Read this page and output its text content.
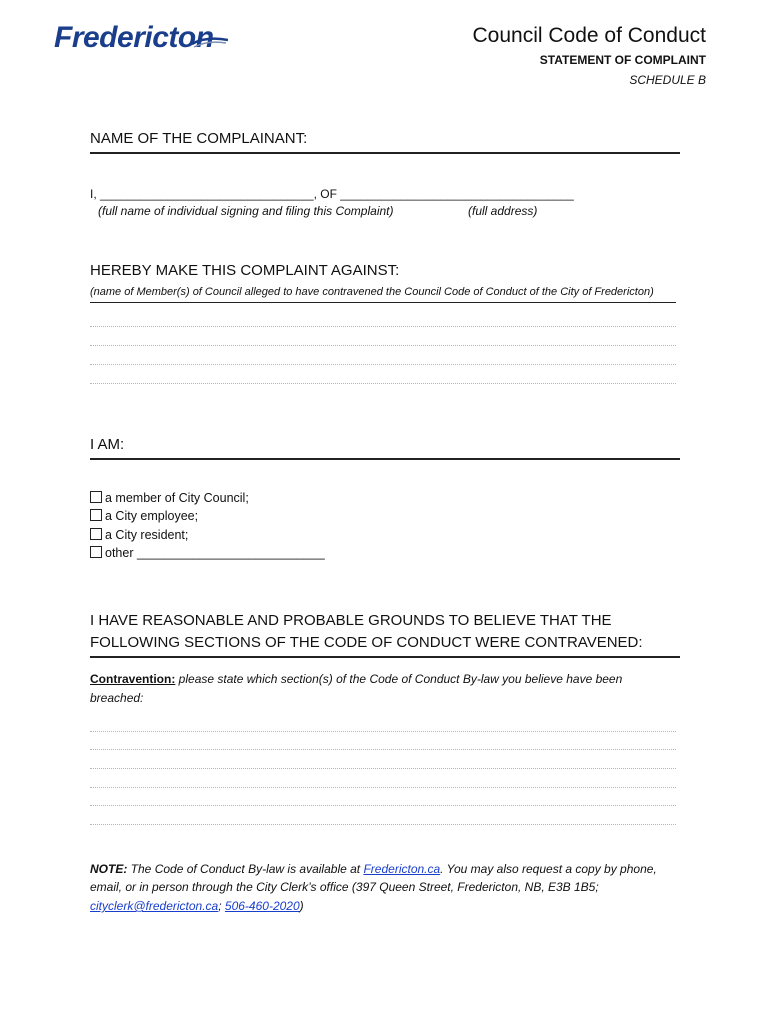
Fredericton	Council Code of Conduct
STATEMENT OF COMPLAINT
SCHEDULE B
NAME OF THE COMPLAINANT:
I, ________________________________, OF ___________________________________
(full name of individual signing and filing this Complaint)	(full address)
HEREBY MAKE THIS COMPLAINT AGAINST:
(name of Member(s) of Council alleged to have contravened the Council Code of Conduct of the City of Fredericton)
I AM:
a member of City Council;
a City employee;
a City resident;
other ___________________________
I HAVE REASONABLE AND PROBABLE GROUNDS TO BELIEVE THAT THE
FOLLOWING SECTIONS OF THE CODE OF CONDUCT WERE CONTRAVENED:
Contravention: please state which section(s) of the Code of Conduct By-law you believe have been
breached:
NOTE: The Code of Conduct By-law is available at Fredericton.ca. You may also request a copy by phone,
email, or in person through the City Clerk’s office (397 Queen Street, Fredericton, NB, E3B 1B5;
cityclerk@fredericton.ca; 506-460-2020)
